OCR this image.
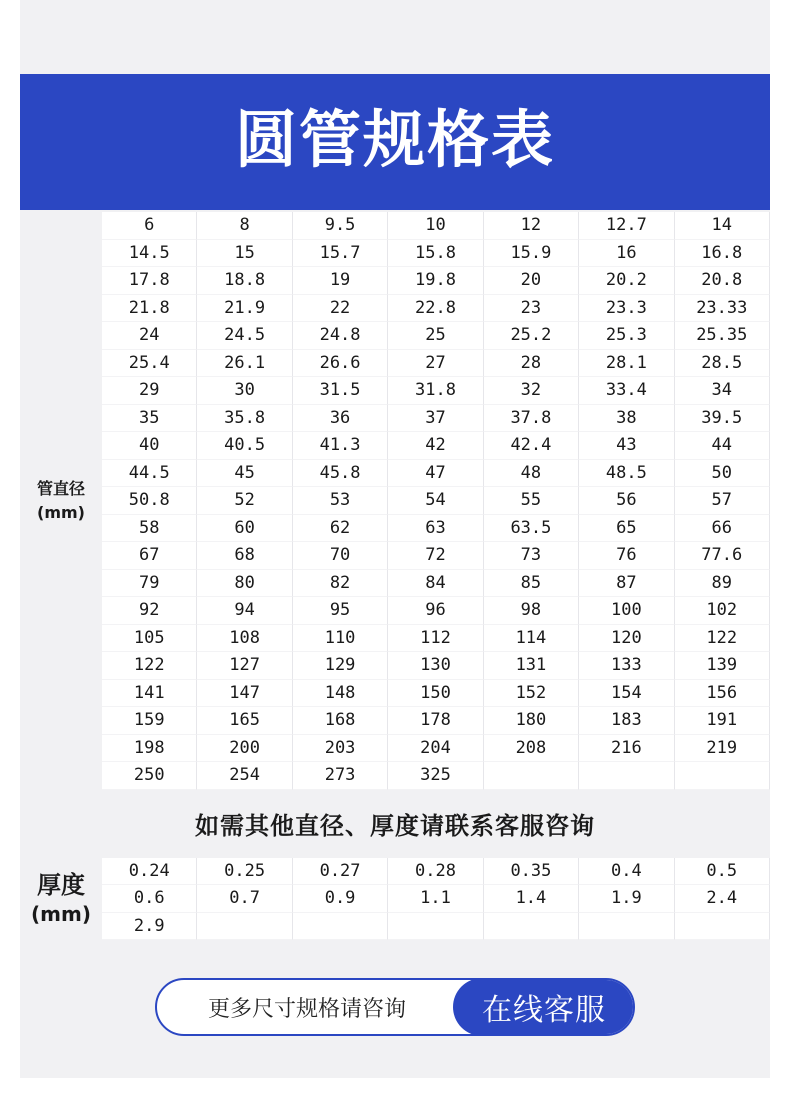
圆管规格表
管直径
(mm)
6	8	9.5	10	12	12.7	14
14.5	15	15.7	15.8	15.9	16	16.8
17.8	18.8	19	19.8	20	20.2	20.8
21.8	21.9	22	22.8	23	23.3	23.33
24	24.5	24.8	25	25.2	25.3	25.35
25.4	26.1	26.6	27	28	28.1	28.5
29	30	31.5	31.8	32	33.4	34
35	35.8	36	37	37.8	38	39.5
40	40.5	41.3	42	42.4	43	44
44.5	45	45.8	47	48	48.5	50
50.8	52	53	54	55	56	57
58	60	62	63	63.5	65	66
67	68	70	72	73	76	77.6
79	80	82	84	85	87	89
92	94	95	96	98	100	102
105	108	110	112	114	120	122
122	127	129	130	131	133	139
141	147	148	150	152	154	156
159	165	168	178	180	183	191
198	200	203	204	208	216	219
250	254	273	325
如需其他直径、厚度请联系客服咨询
厚度
(mm)
0.24	0.25	0.27	0.28	0.35	0.4	0.5
0.6	0.7	0.9	1.1	1.4	1.9	2.4
2.9
更多尺寸规格请咨询	在线客服
